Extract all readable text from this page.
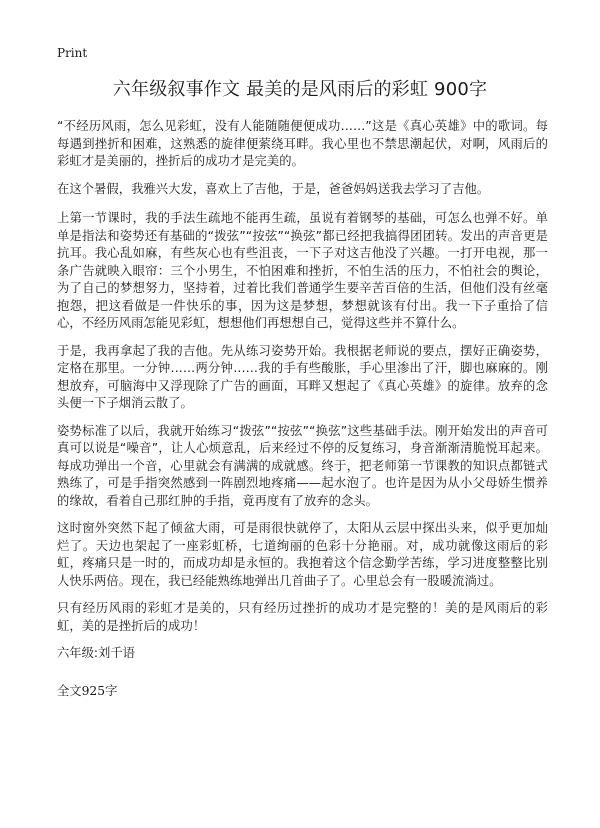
Print
六年级叙事作文 最美的是风雨后的彩虹 900字

“不经历风雨，怎么见彩虹，没有人能随随便便成功……”这是《真心英雄》中的歌词。每每遇到挫折和困难，这熟悉的旋律便萦绕耳畔。我心里也不禁思潮起伏，对啊，风雨后的彩虹才是美丽的，挫折后的成功才是完美的。

在这个暑假，我雅兴大发，喜欢上了吉他，于是，爸爸妈妈送我去学习了吉他。

上第一节课时，我的手法生疏地不能再生疏，虽说有着钢琴的基础，可怎么也弹不好。单单是指法和姿势还有基础的“拨弦”“按弦”“换弦”都已经把我搞得团团转。发出的声音更是抗耳。我心乱如麻，有些灰心也有些沮丧，一下子对这吉他没了兴趣。一打开电视，那一条广告就映入眼帘：三个小男生，不怕困难和挫折，不怕生活的压力，不怕社会的舆论，为了自己的梦想努力，坚持着，过着比我们普通学生要辛苦百倍的生活，但他们没有丝毫抱怨，把这看做是一件快乐的事，因为这是梦想，梦想就该有付出。我一下子重拾了信心，不经历风雨怎能见彩虹，想想他们再想想自己，觉得这些并不算什么。

于是，我再拿起了我的吉他。先从练习姿势开始。我根据老师说的要点，摆好正确姿势，定格在那里。一分钟……两分钟……我的手有些酸胀，手心里渗出了汗，脚也麻麻的。刚想放弃，可脑海中又浮现除了广告的画面，耳畔又想起了《真心英雄》的旋律。放弃的念头便一下子烟消云散了。

姿势标准了以后，我就开始练习“拨弦”“按弦”“换弦”这些基础手法。刚开始发出的声音可真可以说是“噪音”，让人心烦意乱，后来经过不停的反复练习，身音渐渐清脆悦耳起来。每成功弹出一个音，心里就会有满满的成就感。终于，把老师第一节课教的知识点都链式熟练了，可是手指突然感到一阵剧烈地疼痛——起水泡了。也许是因为从小父母娇生惯养的缘故，看着自己那红肿的手指，竟再度有了放弃的念头。

这时窗外突然下起了倾盆大雨，可是雨很快就停了，太阳从云层中探出头来，似乎更加灿烂了。天边也架起了一座彩虹桥，七道绚丽的色彩十分艳丽。对，成功就像这雨后的彩虹，疼痛只是一时的，而成功却是永恒的。我抱着这个信念勤学苦练，学习进度整整比别人快乐两倍。现在，我已经能熟练地弹出几首曲子了。心里总会有一股暖流淌过。

只有经历风雨的彩虹才是美的，只有经历过挫折的成功才是完整的！美的是风雨后的彩虹，美的是挫折后的成功！

六年级:刘千语

全文925字
